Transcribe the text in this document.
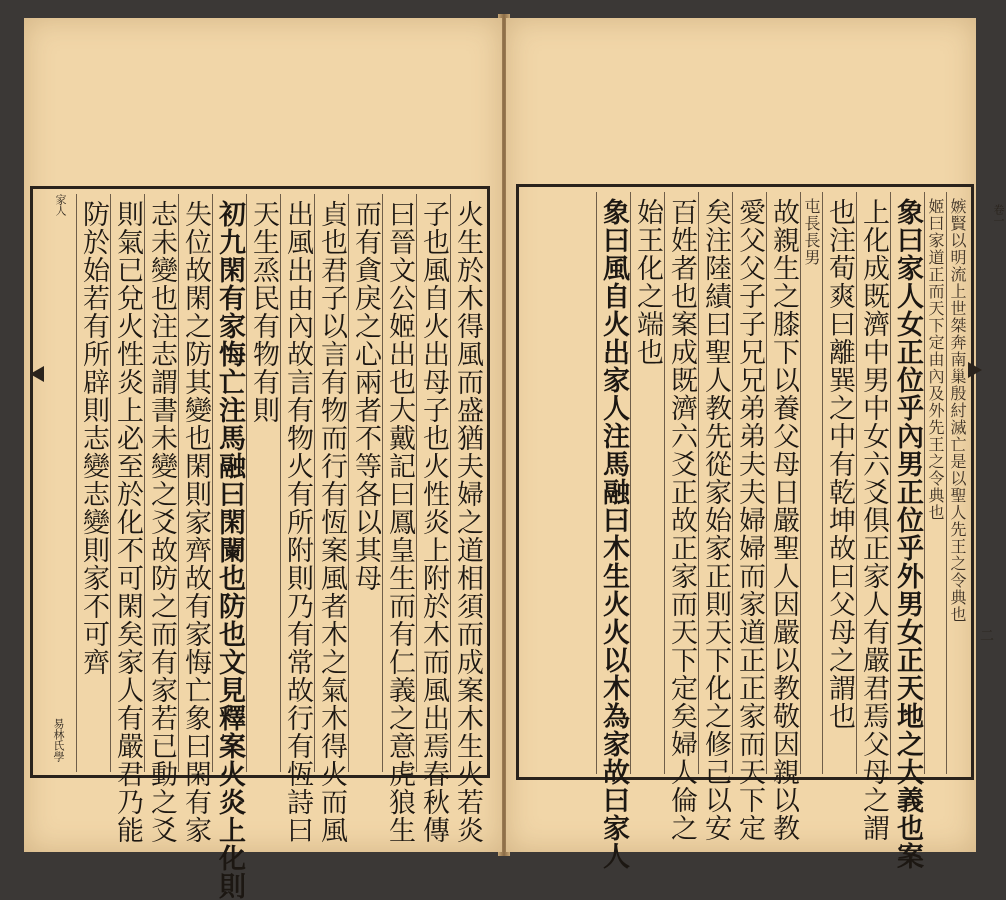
火生於木得風而盛猶夫婦之道相須而成案木生火若炎
子也風自火出母子也火性炎上附於木而風出焉春秋傳
曰晉文公姬出也大戴記曰鳳皇生而有仁義之意虎狼生
而有貪戾之心兩者不等各以其母
貞也君子以言有物而行有恆案風者木之氣木得火而風
出風出由內故言有物火有所附則乃有常故行有恆詩曰
天生烝民有物有則
初九閑有家悔亡注馬融曰閑闌也防也文見釋案火炎上化則
失位故閑之防其變也閑則家齊故有家悔亡象曰閑有家
志未變也注志謂書未變之爻故防之而有家若已動之爻
則氣已兌火性炎上必至於化不可閑矣家人有嚴君乃能
防於始若有所辟則志變志變則家不可齊
家人
易林氏學
嫉賢以明流上世桀奔南巢殷紂滅亡是以聖人先王之令典也
姬曰家道正而天下定由內及外先王之令典也
象曰家人女正位乎內男正位乎外男女正天地之大義也案
上化成既濟中男中女六爻俱正家人有嚴君焉父母之謂
也注荀爽曰離巽之中有乾坤故曰父母之謂也
屯長長男
故親生之膝下以養父母日嚴聖人因嚴以教敬因親以教
愛父父子子兄兄弟弟夫夫婦婦而家道正正家而天下定
矣注陸績曰聖人教先從家始家正則天下化之修己以安
百姓者也案成既濟六爻正故正家而天下定矣婦人倫之
始王化之端也
象曰風自火出家人注馬融曰木生火火以木為家故曰家人	卷一
二
